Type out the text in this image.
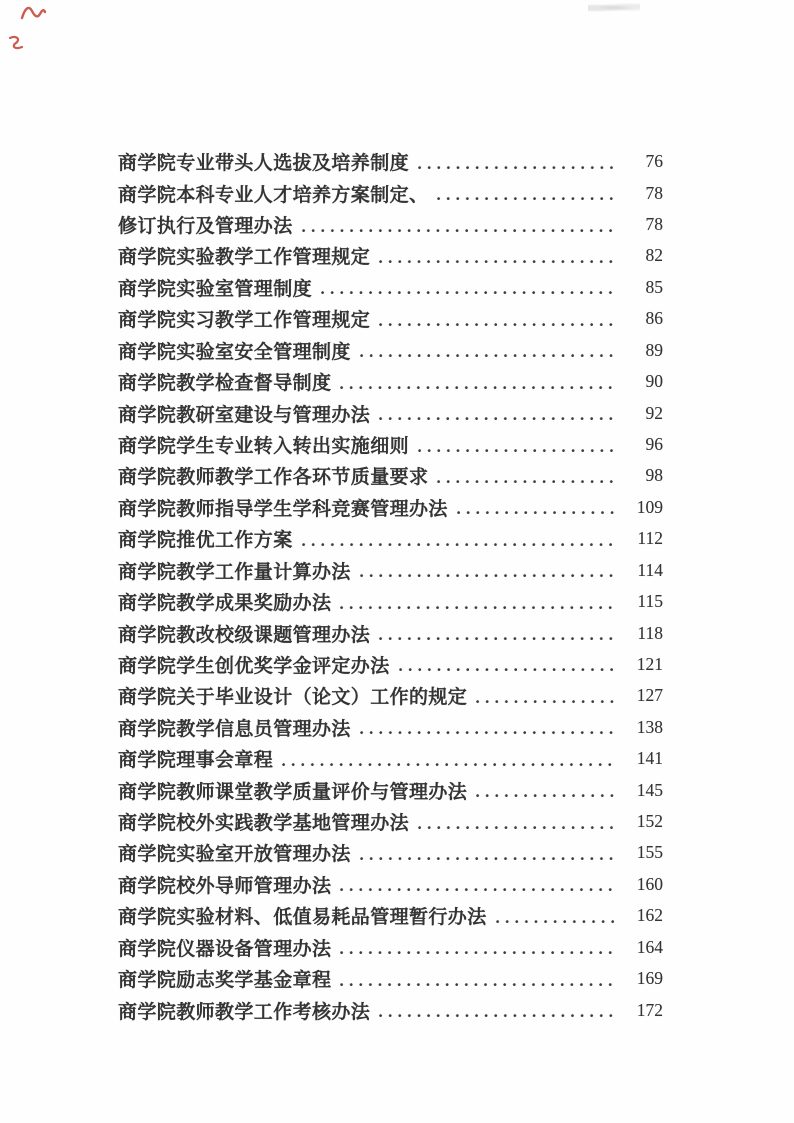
商学院专业带头人选拔及培养制度	76
商学院本科专业人才培养方案制定、	78
修订执行及管理办法	78
商学院实验教学工作管理规定	82
商学院实验室管理制度	85
商学院实习教学工作管理规定	86
商学院实验室安全管理制度	89
商学院教学检查督导制度	90
商学院教研室建设与管理办法	92
商学院学生专业转入转出实施细则	96
商学院教师教学工作各环节质量要求	98
商学院教师指导学生学科竞赛管理办法	109
商学院推优工作方案	112
商学院教学工作量计算办法	114
商学院教学成果奖励办法	115
商学院教改校级课题管理办法	118
商学院学生创优奖学金评定办法	121
商学院关于毕业设计（论文）工作的规定	127
商学院教学信息员管理办法	138
商学院理事会章程	141
商学院教师课堂教学质量评价与管理办法	145
商学院校外实践教学基地管理办法	152
商学院实验室开放管理办法	155
商学院校外导师管理办法	160
商学院实验材料、低值易耗品管理暂行办法	162
商学院仪器设备管理办法	164
商学院励志奖学基金章程	169
商学院教师教学工作考核办法	172
